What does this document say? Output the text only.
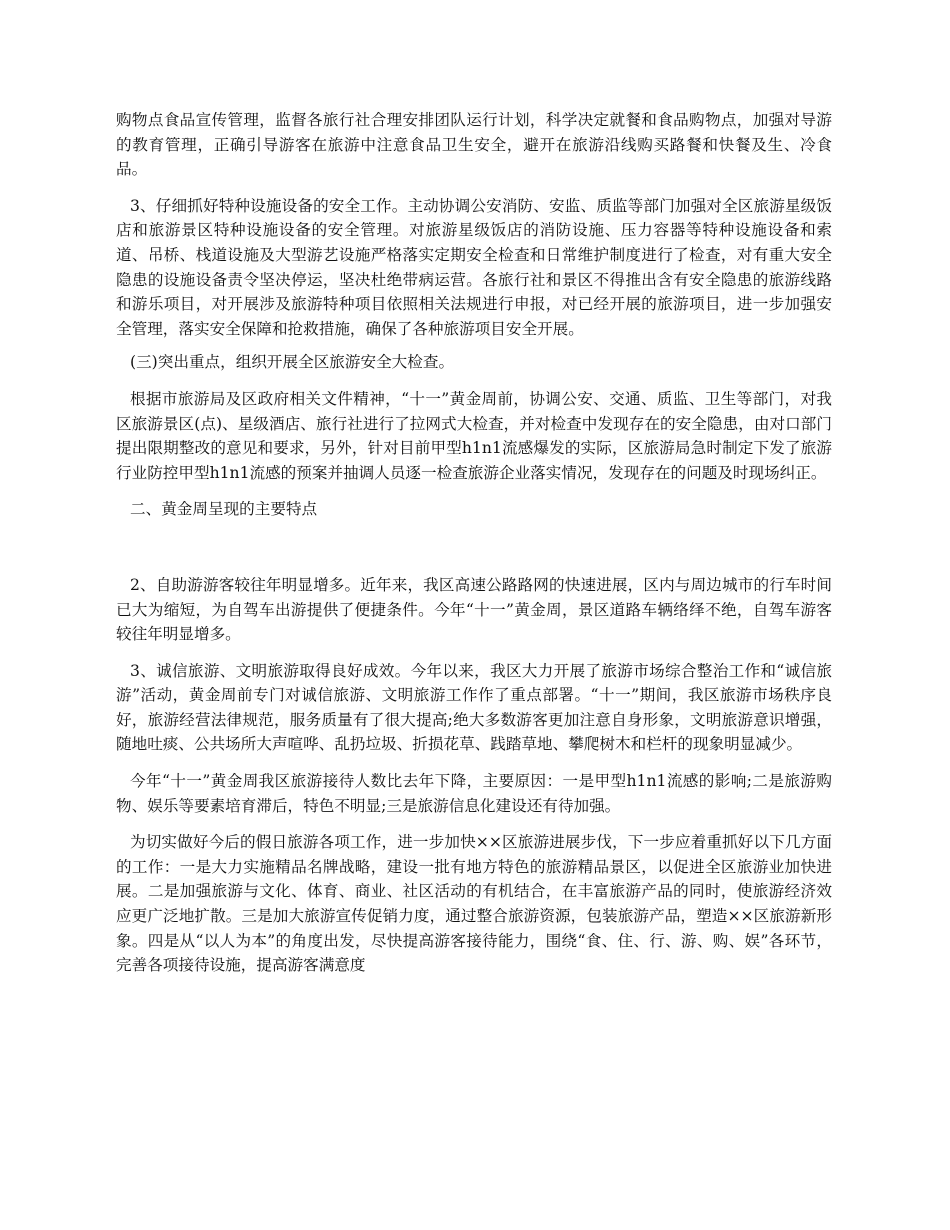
购物点食品宣传管理，监督各旅行社合理安排团队运行计划，科学决定就餐和食品购物点，加强对导游的教育管理，正确引导游客在旅游中注意食品卫生安全，避开在旅游沿线购买路餐和快餐及生、冷食品。

3、仔细抓好特种设施设备的安全工作。主动协调公安消防、安监、质监等部门加强对全区旅游星级饭店和旅游景区特种设施设备的安全管理。对旅游星级饭店的消防设施、压力容器等特种设施设备和索道、吊桥、栈道设施及大型游艺设施严格落实定期安全检查和日常维护制度进行了检查，对有重大安全隐患的设施设备责令坚决停运，坚决杜绝带病运营。各旅行社和景区不得推出含有安全隐患的旅游线路和游乐项目，对开展涉及旅游特种项目依照相关法规进行申报，对已经开展的旅游项目，进一步加强安全管理，落实安全保障和抢救措施，确保了各种旅游项目安全开展。

(三)突出重点，组织开展全区旅游安全大检查。

根据市旅游局及区政府相关文件精神，“十一”黄金周前，协调公安、交通、质监、卫生等部门，对我区旅游景区(点)、星级酒店、旅行社进行了拉网式大检查，并对检查中发现存在的安全隐患，由对口部门提出限期整改的意见和要求，另外，针对目前甲型h1n1流感爆发的实际，区旅游局急时制定下发了旅游行业防控甲型h1n1流感的预案并抽调人员逐一检查旅游企业落实情况，发现存在的问题及时现场纠正。

二、黄金周呈现的主要特点

2、自助游游客较往年明显增多。近年来，我区高速公路路网的快速进展，区内与周边城市的行车时间已大为缩短，为自驾车出游提供了便捷条件。今年“十一”黄金周，景区道路车辆络绎不绝，自驾车游客较往年明显增多。

3、诚信旅游、文明旅游取得良好成效。今年以来，我区大力开展了旅游市场综合整治工作和“诚信旅游”活动，黄金周前专门对诚信旅游、文明旅游工作作了重点部署。“十一”期间，我区旅游市场秩序良好，旅游经营法律规范，服务质量有了很大提高;绝大多数游客更加注意自身形象，文明旅游意识增强，随地吐痰、公共场所大声喧哗、乱扔垃圾、折损花草、践踏草地、攀爬树木和栏杆的现象明显减少。

今年“十一”黄金周我区旅游接待人数比去年下降，主要原因：一是甲型h1n1流感的影响;二是旅游购物、娱乐等要素培育滞后，特色不明显;三是旅游信息化建设还有待加强。

为切实做好今后的假日旅游各项工作，进一步加快××区旅游进展步伐，下一步应着重抓好以下几方面的工作：一是大力实施精品名牌战略，建设一批有地方特色的旅游精品景区，以促进全区旅游业加快进展。二是加强旅游与文化、体育、商业、社区活动的有机结合，在丰富旅游产品的同时，使旅游经济效应更广泛地扩散。三是加大旅游宣传促销力度，通过整合旅游资源，包装旅游产品，塑造××区旅游新形象。四是从“以人为本”的角度出发，尽快提高游客接待能力，围绕“食、住、行、游、购、娱”各环节，完善各项接待设施，提高游客满意度
